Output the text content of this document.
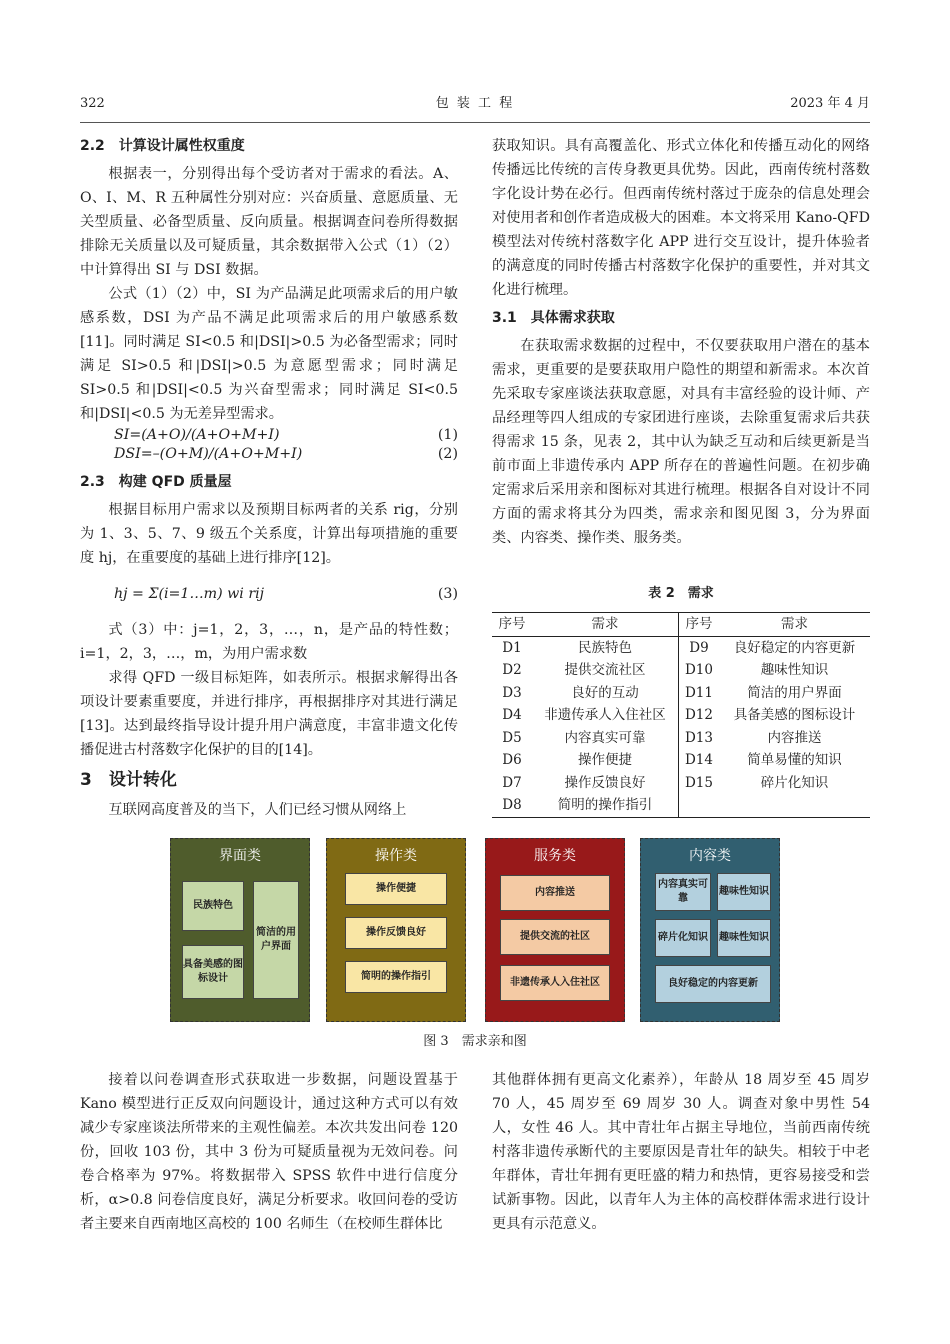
322	包 装 工 程	2023 年 4 月
2.2　计算设计属性权重度

根据表一，分别得出每个受访者对于需求的看法。A、O、I、M、R 五种属性分别对应：兴奋质量、意愿质量、无关型质量、必备型质量、反向质量。根据调查问卷所得数据排除无关质量以及可疑质量，其余数据带入公式（1）（2）中计算得出 SI 与 DSI 数据。

公式（1）（2）中，SI 为产品满足此项需求后的用户敏感系数，DSI 为产品不满足此项需求后的用户敏感系数[11]。同时满足 SI<0.5 和|DSI|>0.5 为必备型需求；同时满足 SI>0.5 和|DSI|>0.5 为意愿型需求；同时满足 SI>0.5 和|DSI|<0.5 为兴奋型需求；同时满足 SI<0.5 和|DSI|<0.5 为无差异型需求。

SI=(A+O)/(A+O+M+I)	(1)
DSI=–(O+M)/(A+O+M+I)	(2)
2.3　构建 QFD 质量屋

根据目标用户需求以及预期目标两者的关系 rig，分别为 1、3、5、7、9 级五个关系度，计算出每项措施的重要度 hj，在重要度的基础上进行排序[12]。

hj = Σ(i=1…m) wi rij	(3)

式（3）中：j=1，2，3，…，n，是产品的特性数；i=1，2，3，…，m，为用户需求数

求得 QFD 一级目标矩阵，如表所示。根据求解得出各项设计要素重要度，并进行排序，再根据排序对其进行满足[13]。达到最终指导设计提升用户满意度，丰富非遗文化传播促进古村落数字化保护的目的[14]。

3　设计转化

互联网高度普及的当下，人们已经习惯从网络上

获取知识。具有高覆盖化、形式立体化和传播互动化的网络传播远比传统的言传身教更具优势。因此，西南传统村落数字化设计势在必行。但西南传统村落过于庞杂的信息处理会对使用者和创作者造成极大的困难。本文将采用 Kano-QFD 模型法对传统村落数字化 APP 进行交互设计，提升体验者的满意度的同时传播古村落数字化保护的重要性，并对其文化进行梳理。

3.1　具体需求获取

在获取需求数据的过程中，不仅要获取用户潜在的基本需求，更重要的是要获取用户隐性的期望和新需求。本次首先采取专家座谈法获取意愿，对具有丰富经验的设计师、产品经理等四人组成的专家团进行座谈，去除重复需求后共获得需求 15 条，见表 2，其中认为缺乏互动和后续更新是当前市面上非遗传承内 APP 所存在的普遍性问题。在初步确定需求后采用亲和图标对其进行梳理。根据各自对设计不同方面的需求将其分为四类，需求亲和图见图 3，分为界面类、内容类、操作类、服务类。

表 2　需求
序号	需求	序号	需求
D1	民族特色	D9	良好稳定的内容更新
D2	提供交流社区	D10	趣味性知识
D3	良好的互动	D11	简洁的用户界面
D4	非遗传承人入住社区	D12	具备美感的图标设计
D5	内容真实可靠	D13	内容推送
D6	操作便捷	D14	简单易懂的知识
D7	操作反馈良好	D15	碎片化知识
D8	简明的操作指引		
界面类
民族特色
具备美感的图标设计
简洁的用户界面
操作类
操作便捷
操作反馈良好
简明的操作指引
服务类
内容推送
提供交流的社区
非遗传承人入住社区
内容类
内容真实可靠
趣味性知识
碎片化知识	趣味性知识
良好稳定的内容更新
图 3　需求亲和图

接着以问卷调查形式获取进一步数据，问题设置基于 Kano 模型进行正反双向问题设计，通过这种方式可以有效减少专家座谈法所带来的主观性偏差。本次共发出问卷 120 份，回收 103 份，其中 3 份为可疑质量视为无效问卷。问卷合格率为 97%。将数据带入 SPSS 软件中进行信度分析，α>0.8 问卷信度良好，满足分析要求。收回问卷的受访者主要来自西南地区高校的 100 名师生（在校师生群体比

其他群体拥有更高文化素养），年龄从 18 周岁至 45 周岁 70 人，45 周岁至 69 周岁 30 人。调查对象中男性 54 人，女性 46 人。其中青壮年占据主导地位，当前西南传统村落非遗传承断代的主要原因是青壮年的缺失。相较于中老年群体，青壮年拥有更旺盛的精力和热情，更容易接受和尝试新事物。因此，以青年人为主体的高校群体需求进行设计更具有示范意义。
